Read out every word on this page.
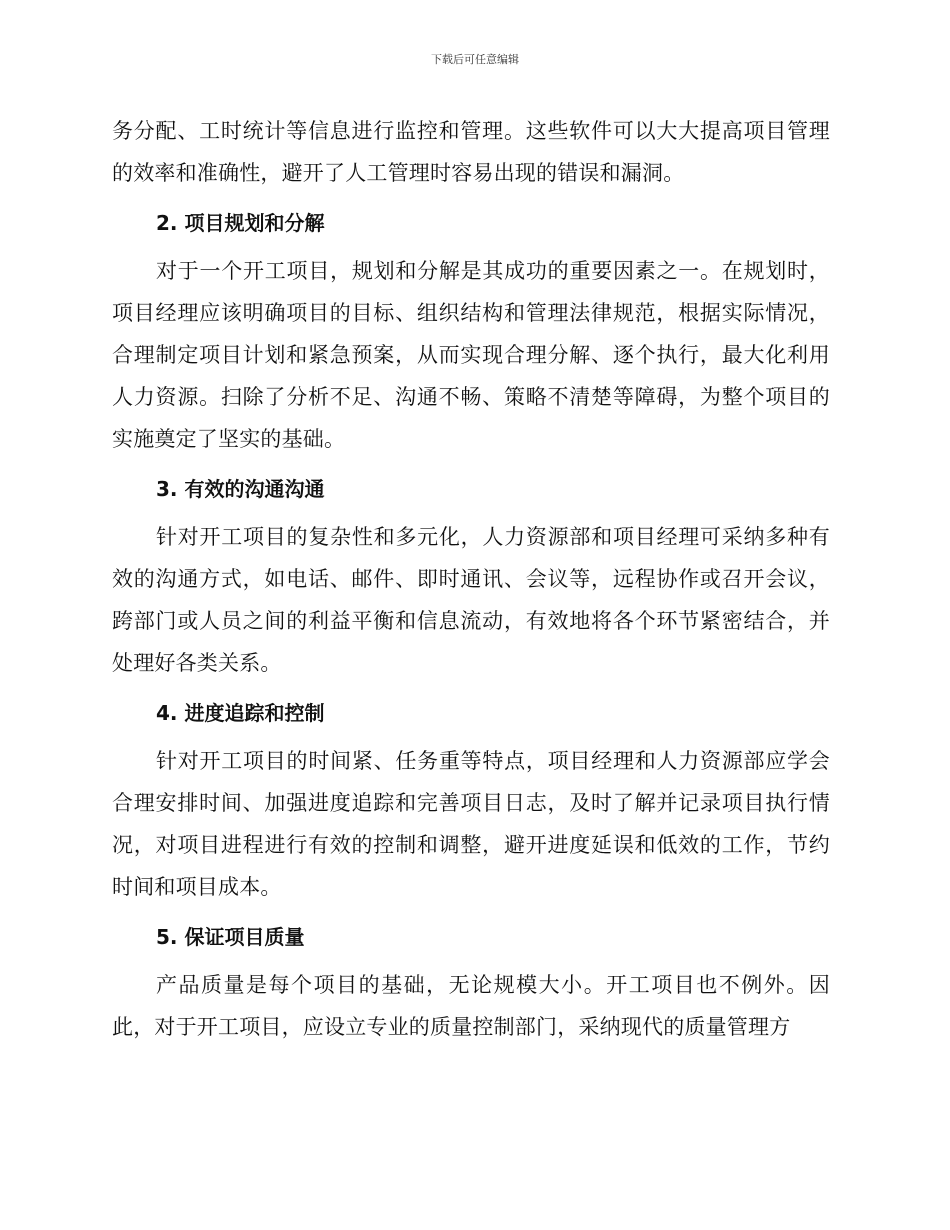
下载后可任意编辑

务分配、工时统计等信息进行监控和管理。这些软件可以大大提高项目管理的效率和准确性，避开了人工管理时容易出现的错误和漏洞。

2. 项目规划和分解

对于一个开工项目，规划和分解是其成功的重要因素之一。在规划时，项目经理应该明确项目的目标、组织结构和管理法律规范，根据实际情况，合理制定项目计划和紧急预案，从而实现合理分解、逐个执行，最大化利用人力资源。扫除了分析不足、沟通不畅、策略不清楚等障碍，为整个项目的实施奠定了坚实的基础。

3. 有效的沟通沟通

针对开工项目的复杂性和多元化，人力资源部和项目经理可采纳多种有效的沟通方式，如电话、邮件、即时通讯、会议等，远程协作或召开会议，跨部门或人员之间的利益平衡和信息流动，有效地将各个环节紧密结合，并处理好各类关系。

4. 进度追踪和控制

针对开工项目的时间紧、任务重等特点，项目经理和人力资源部应学会合理安排时间、加强进度追踪和完善项目日志，及时了解并记录项目执行情况，对项目进程进行有效的控制和调整，避开进度延误和低效的工作，节约时间和项目成本。

5. 保证项目质量

产品质量是每个项目的基础，无论规模大小。开工项目也不例外。因此，对于开工项目，应设立专业的质量控制部门，采纳现代的质量管理方
